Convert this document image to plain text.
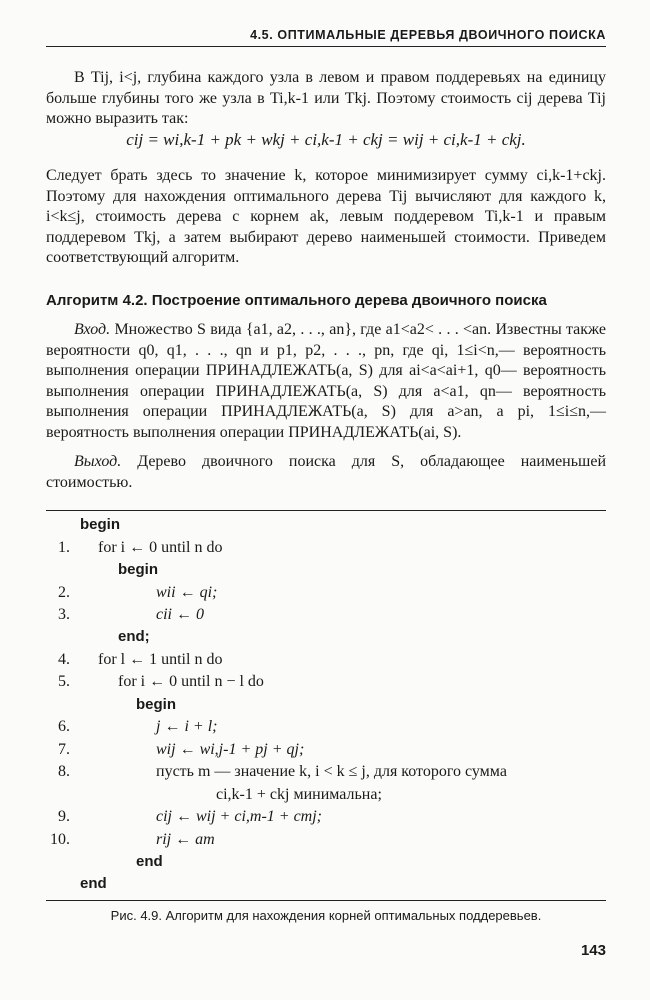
4.5. ОПТИМАЛЬНЫЕ ДЕРЕВЬЯ ДВОИЧНОГО ПОИСКА
В Tij, i<j, глубина каждого узла в левом и правом поддеревьях на единицу больше глубины того же узла в Ti,k-1 или Tkj. Поэтому стоимость cij дерева Tij можно выразить так:
cij = wi,k-1 + pk + wkj + ci,k-1 + ckj = wij + ci,k-1 + ckj.
Следует брать здесь то значение k, которое минимизирует сумму ci,k-1+ckj. Поэтому для нахождения оптимального дерева Tij вычисляют для каждого k, i<k≤j, стоимость дерева с корнем ak, левым поддеревом Ti,k-1 и правым поддеревом Tkj, а затем выбирают дерево наименьшей стоимости. Приведем соответствующий алгоритм.
Алгоритм 4.2. Построение оптимального дерева двоичного поиска
Вход. Множество S вида {a1, a2, . . ., an}, где a1<a2< . . . <an. Известны также вероятности q0, q1, . . ., qn и p1, p2, . . ., pn, где qi, 1≤i<n,— вероятность выполнения операции ПРИНАДЛЕЖАТЬ(a, S) для ai<a<ai+1, q0— вероятность выполнения операции ПРИНАДЛЕЖАТЬ(a, S) для a<a1, qn— вероятность выполнения операции ПРИНАДЛЕЖАТЬ(a, S) для a>an, a pi, 1≤i≤n,— вероятность выполнения операции ПРИНАДЛЕЖАТЬ(ai, S).
Выход. Дерево двоичного поиска для S, обладающее наименьшей стоимостью.
begin
1. for i ← 0 until n do
begin
2.	wii ← qi;
3.	cii ← 0
end;
4. for l ← 1 until n do
5.	for i ← 0 until n − l do
begin
6.	j ← i + l;
7.	wij ← wi,j-1 + pj + qj;
8.	пусть m — значение k, i < k ≤ j, для которого сумма
ci,k-1 + ckj минимальна;
9.	cij ← wij + ci,m-1 + cmj;
10.	rij ← am
end
end
Рис. 4.9. Алгоритм для нахождения корней оптимальных поддеревьев.
143
